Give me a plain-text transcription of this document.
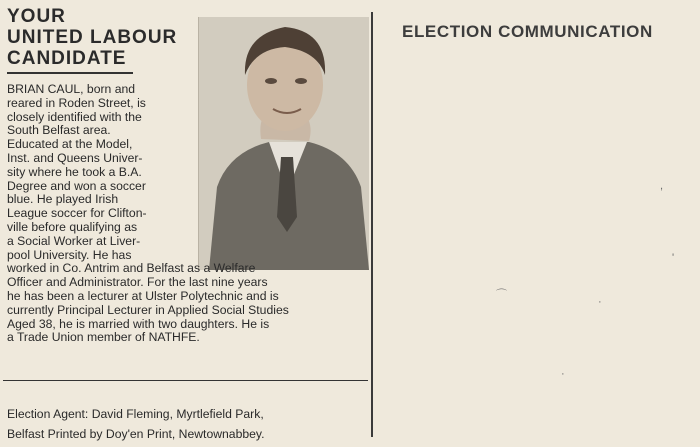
YOUR
UNITED LABOUR
CANDIDATE
BRIAN CAUL, born and
reared in Roden Street, is
closely identified with the
South Belfast area.
Educated at the Model,
Inst. and Queens Univer-
sity where he took a B.A.
Degree and won a soccer
blue. He played Irish
League soccer for Clifton-
ville before qualifying as
a Social Worker at Liver-
pool University. He has
worked in Co. Antrim and Belfast as a Welfare
Officer and Administrator. For the last nine years
he has been a lecturer at Ulster Polytechnic and is
currently Principal Lecturer in Applied Social Studies
Aged 38, he is married with two daughters. He is
a Trade Union member of NATHFE.
Election Agent: David Fleming, Myrtlefield Park,
Belfast Printed by Doy'en Print, Newtownabbey.
ELECTION COMMUNICATION
⌒
·
'
·
,
